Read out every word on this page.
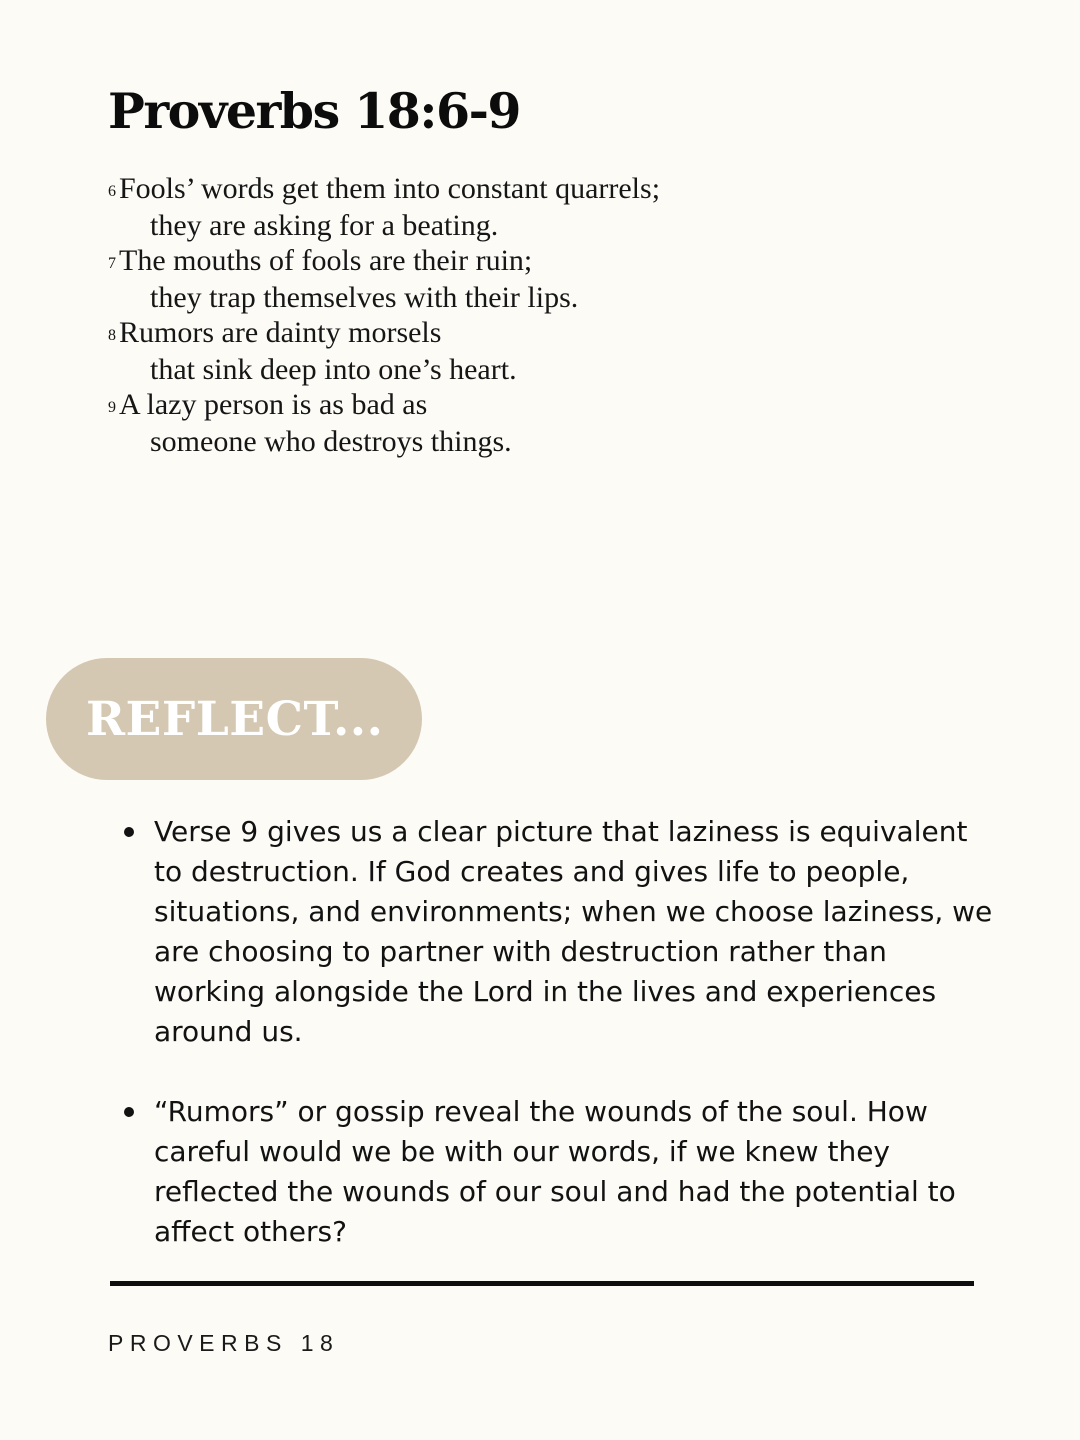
Proverbs 18:6-9
6 Fools’ words get them into constant quarrels;
they are asking for a beating.
7 The mouths of fools are their ruin;
they trap themselves with their lips.
8 Rumors are dainty morsels
that sink deep into one’s heart.
9 A lazy person is as bad as
someone who destroys things.
REFLECT...
Verse 9 gives us a clear picture that laziness is equivalent to destruction. If God creates and gives life to people, situations, and environments; when we choose laziness, we are choosing to partner with destruction rather than working alongside the Lord in the lives and experiences around us.
“Rumors” or gossip reveal the wounds of the soul. How careful would we be with our words, if we knew they reflected the wounds of our soul and had the potential to affect others?
PROVERBS 18
